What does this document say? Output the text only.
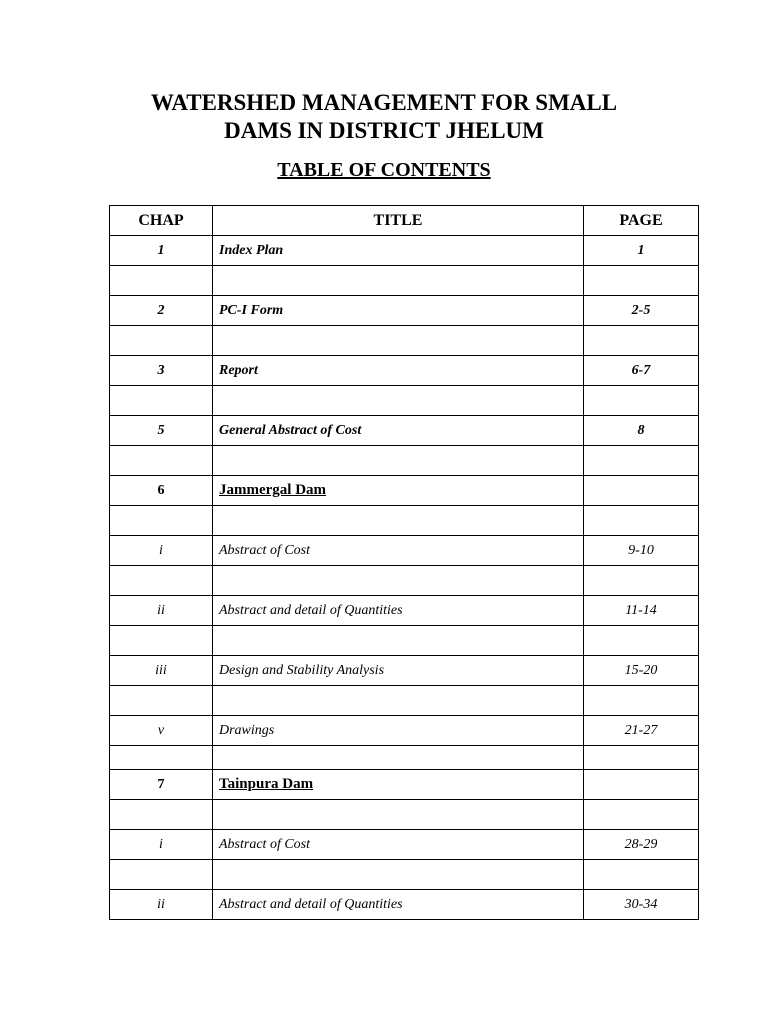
WATERSHED MANAGEMENT FOR SMALL
DAMS IN DISTRICT JHELUM
TABLE OF CONTENTS
CHAP	TITLE	PAGE
1	Index Plan	1

2	PC-I Form	2-5

3	Report	6-7

5	General Abstract of Cost	8

6	Jammergal Dam	

i	Abstract of Cost	9-10

ii	Abstract and detail of Quantities	11-14

iii	Design and Stability Analysis	15-20

v	Drawings	21-27

7	Tainpura Dam	

i	Abstract of Cost	28-29

ii	Abstract and detail of Quantities	30-34
